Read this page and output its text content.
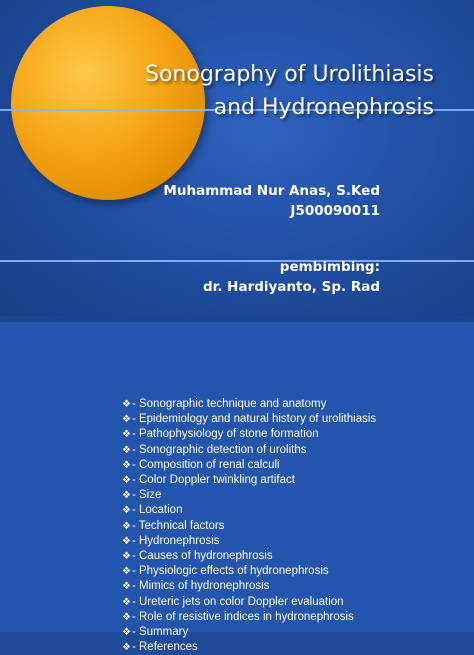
Sonography of Urolithiasis
and Hydronephrosis
Muhammad Nur Anas, S.Ked
J500090011
pembimbing:
dr. Hardiyanto, Sp. Rad
❖- Sonographic technique and anatomy
❖- Epidemiology and natural history of urolithiasis
❖- Pathophysiology of stone formation
❖- Sonographic detection of uroliths
❖- Composition of renal calculi
❖- Color Doppler twinkling artifact
❖- Size
❖- Location
❖- Technical factors
❖- Hydronephrosis
❖- Causes of hydronephrosis
❖- Physiologic effects of hydronephrosis
❖- Mimics of hydronephrosis
❖- Ureteric jets on color Doppler evaluation
❖- Role of resistive indices in hydronephrosis
❖- Summary
❖- References
